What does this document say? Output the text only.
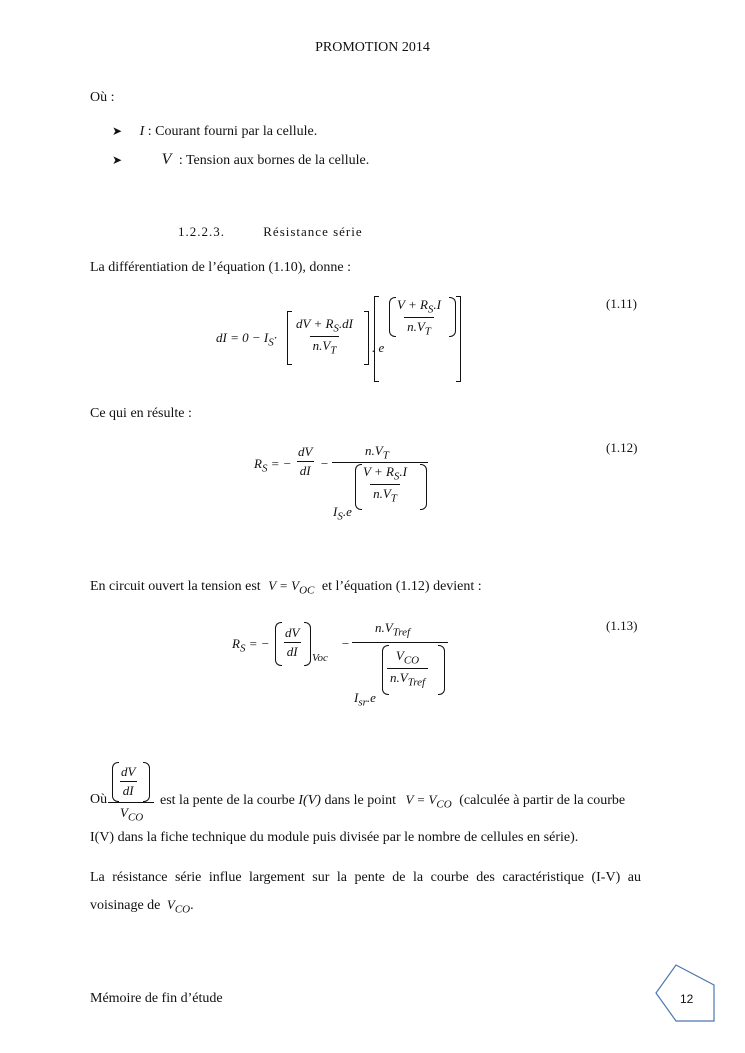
PROMOTION 2014
Où :
➤ I : Courant fourni par la cellule.
➤ V : Tension aux bornes de la cellule.
1.2.2.3.	Résistance série
La différentiation de l’équation (1.10), donne :
dI = $0 - I_S\cdot \frac{dV + R_S.dI}{n.V_T}$ . e
$\frac{V + R_S.I}{n.V_T}$	(1.11)
Ce qui en résulte :
$R_S$ = − $\frac{dV}{dI}$ −
$n.V_T$
$\frac{V + R_S.I}{n.V_T}$
$I_S.e$
(1.12)
En circuit ouvert la tension est $V = V_{OC}$ et l’équation (1.12) devient :
$R_S$ = − $\frac{dV}{dI}$ Voc
−
$n.V_{Tref}$
$\frac{V_{CO}}{n.V_{Tref}}$
$I_{sr}.e$
(1.13)
Où
$\frac{dV}{dI}$
$V_{CO}$
est la pente de la courbe I(V) dans le point $V = V_{CO}$ (calculée à partir de la courbe
I(V) dans la fiche technique du module puis divisée par le nombre de cellules en série).
La résistance série influe largement sur la pente de la courbe des caractéristique (I-V) au
voisinage de $V_{CO}$.
Mémoire de fin d’étude	12
